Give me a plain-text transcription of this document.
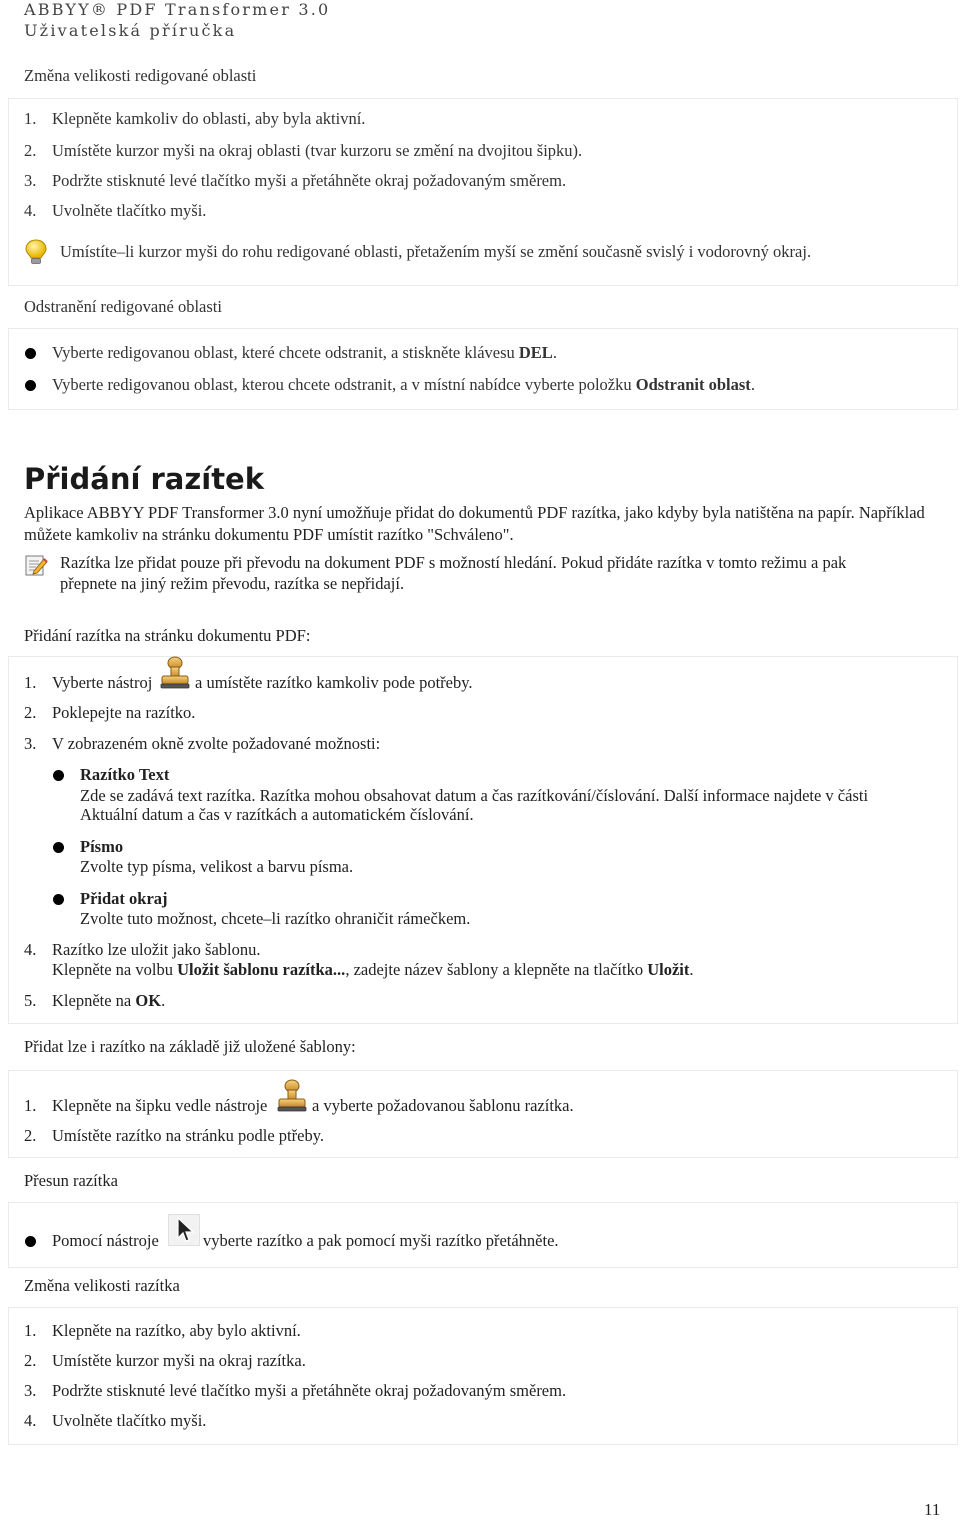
ABBYY® PDF Transformer 3.0
Uživatelská příručka
Změna velikosti redigované oblasti
1. Klepněte kamkoliv do oblasti, aby byla aktivní.
2. Umístěte kurzor myši na okraj oblasti (tvar kurzoru se změní na dvojitou šipku).
3. Podržte stisknuté levé tlačítko myši a přetáhněte okraj požadovaným směrem.
4. Uvolněte tlačítko myši.
Umístíte–li kurzor myši do rohu redigované oblasti, přetažením myší se změní současně svislý i vodorovný okraj.
Odstranění redigované oblasti
Vyberte redigovanou oblast, které chcete odstranit, a stiskněte klávesu DEL.
Vyberte redigovanou oblast, kterou chcete odstranit, a v místní nabídce vyberte položku Odstranit oblast.
Přidání razítek
Aplikace ABBYY PDF Transformer 3.0 nyní umožňuje přidat do dokumentů PDF razítka, jako kdyby byla natištěna na papír. Například
můžete kamkoliv na stránku dokumentu PDF umístit razítko "Schváleno".
Razítka lze přidat pouze při převodu na dokument PDF s možností hledání. Pokud přidáte razítka v tomto režimu a pak
přepnete na jiný režim převodu, razítka se nepřidají.
Přidání razítka na stránku dokumentu PDF:
1. Vyberte nástroj	a umístěte razítko kamkoliv pode potřeby.
2. Poklepejte na razítko.
3. V zobrazeném okně zvolte požadované možnosti:
Razítko Text
Zde se zadává text razítka. Razítka mohou obsahovat datum a čas razítkování/číslování. Další informace najdete v části
Aktuální datum a čas v razítkách a automatickém číslování.
Písmo
Zvolte typ písma, velikost a barvu písma.
Přidat okraj
Zvolte tuto možnost, chcete–li razítko ohraničit rámečkem.
4. Razítko lze uložit jako šablonu.
Klepněte na volbu Uložit šablonu razítka..., zadejte název šablony a klepněte na tlačítko Uložit.
5. Klepněte na OK.
Přidat lze i razítko na základě již uložené šablony:
1. Klepněte na šipku vedle nástroje	a vyberte požadovanou šablonu razítka.
2. Umístěte razítko na stránku podle ptřeby.
Přesun razítka
Pomocí nástroje	vyberte razítko a pak pomocí myši razítko přetáhněte.
Změna velikosti razítka
1. Klepněte na razítko, aby bylo aktivní.
2. Umístěte kurzor myši na okraj razítka.
3. Podržte stisknuté levé tlačítko myši a přetáhněte okraj požadovaným směrem.
4. Uvolněte tlačítko myši.
11
